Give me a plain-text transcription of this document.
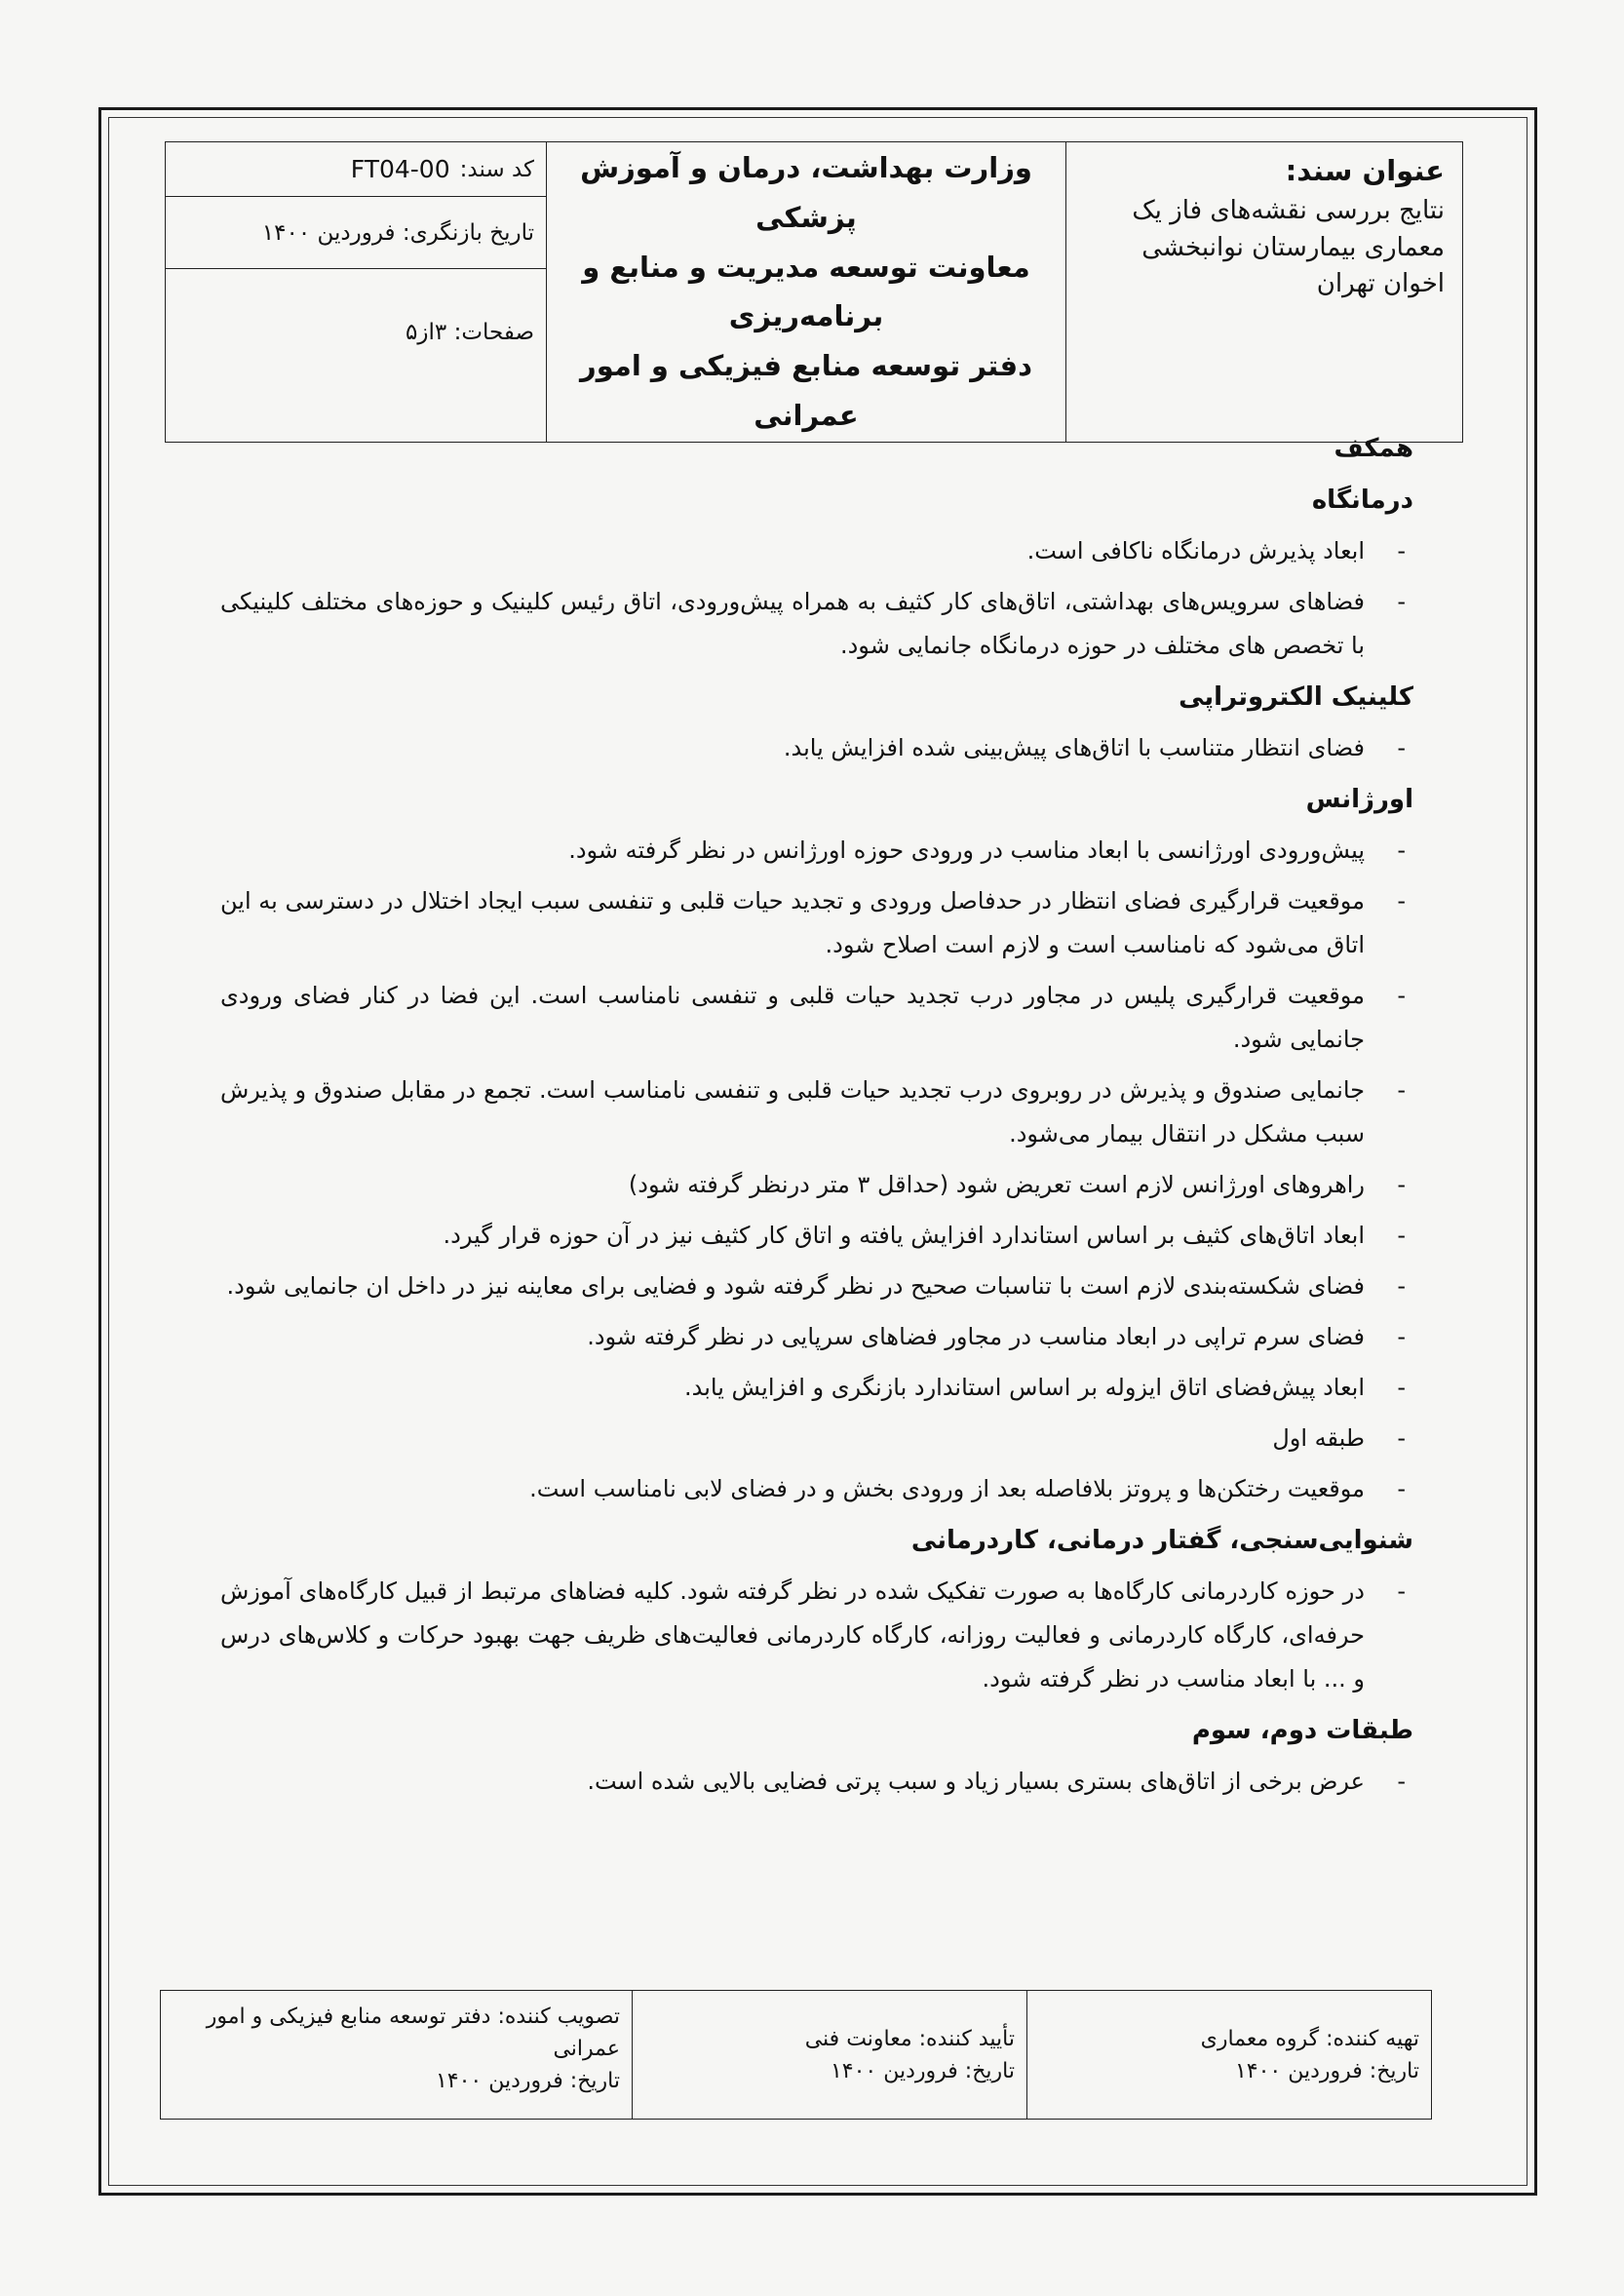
عنوان سند:
نتایج بررسی نقشه‌های فاز یک معماری بیمارستان نوانبخشی اخوان تهران	
وزارت بهداشت، درمان و آموزش پزشکی
معاونت توسعه مدیریت و منابع و برنامه‌ریزی
دفتر توسعه منابع فیزیکی و امور عمرانی

کد سند:
FT04-00
تاریخ بازنگری: فروردین ۱۴۰۰
صفحات: ۳از۵
همکف
درمانگاه
-
ابعاد پذیرش درمانگاه ناکافی است.
-
فضاهای سرویس‌های بهداشتی، اتاق‌های کار کثیف به همراه پیش‌ورودی، اتاق رئیس کلینیک و حوزه‌های مختلف کلینیکی با تخصص های مختلف در حوزه درمانگاه جانمایی شود.
کلینیک الکتروتراپی
-
فضای انتظار متناسب با اتاق‌های پیش‌بینی شده افزایش یابد.
اورژانس
-
پیش‌ورودی اورژانسی با ابعاد مناسب در ورودی حوزه اورژانس در نظر گرفته شود.
-
موقعیت قرارگیری فضای انتظار در حدفاصل ورودی و تجدید حیات قلبی و تنفسی سبب ایجاد اختلال در دسترسی به این اتاق می‌شود که نامناسب است و لازم است اصلاح شود.
-
موقعیت قرارگیری پلیس در مجاور درب تجدید حیات قلبی و تنفسی نامناسب است. این فضا در کنار فضای ورودی جانمایی شود.
-
جانمایی صندوق و پذیرش در روبروی درب تجدید حیات قلبی و تنفسی نامناسب است. تجمع در مقابل صندوق و پذیرش سبب مشکل در انتقال بیمار می‌شود.
-
راهروهای اورژانس لازم است تعریض شود (حداقل ۳ متر درنظر گرفته شود)
-
ابعاد اتاق‌های کثیف بر اساس استاندارد افزایش یافته و اتاق کار کثیف نیز در آن حوزه قرار گیرد.
-
فضای شکسته‌بندی لازم است با تناسبات صحیح در نظر گرفته شود و فضایی برای معاینه نیز در داخل ان جانمایی شود.
-
فضای سرم تراپی در ابعاد مناسب در مجاور فضاهای سرپایی در نظر گرفته شود.
-
ابعاد پیش‌فضای اتاق ایزوله بر اساس استاندارد بازنگری و افزایش یابد.
-
طبقه اول
-
موقعیت رختکن‌ها و پروتز بلافاصله بعد از ورودی بخش و در فضای لابی نامناسب است.
شنوایی‌سنجی، گفتار درمانی، کاردرمانی
-
در حوزه کاردرمانی کارگاه‌ها به صورت تفکیک شده در نظر گرفته شود. کلیه فضاهای مرتبط از قبیل کارگاه‌های آموزش حرفه‌ای، کارگاه کاردرمانی و فعالیت روزانه، کارگاه کاردرمانی فعالیت‌های ظریف جهت بهبود حرکات و کلاس‌های درس و ... با ابعاد مناسب در نظر گرفته شود.
طبقات دوم، سوم
-
عرض برخی از اتاق‌های بستری بسیار زیاد و سبب پرتی فضایی بالایی شده است.
تهیه کننده: گروه معماری
تاریخ: فروردین ۱۴۰۰

تأیید کننده: معاونت فنی
تاریخ: فروردین ۱۴۰۰

تصویب کننده: دفتر توسعه منابع فیزیکی و امور عمرانی
تاریخ: فروردین ۱۴۰۰
